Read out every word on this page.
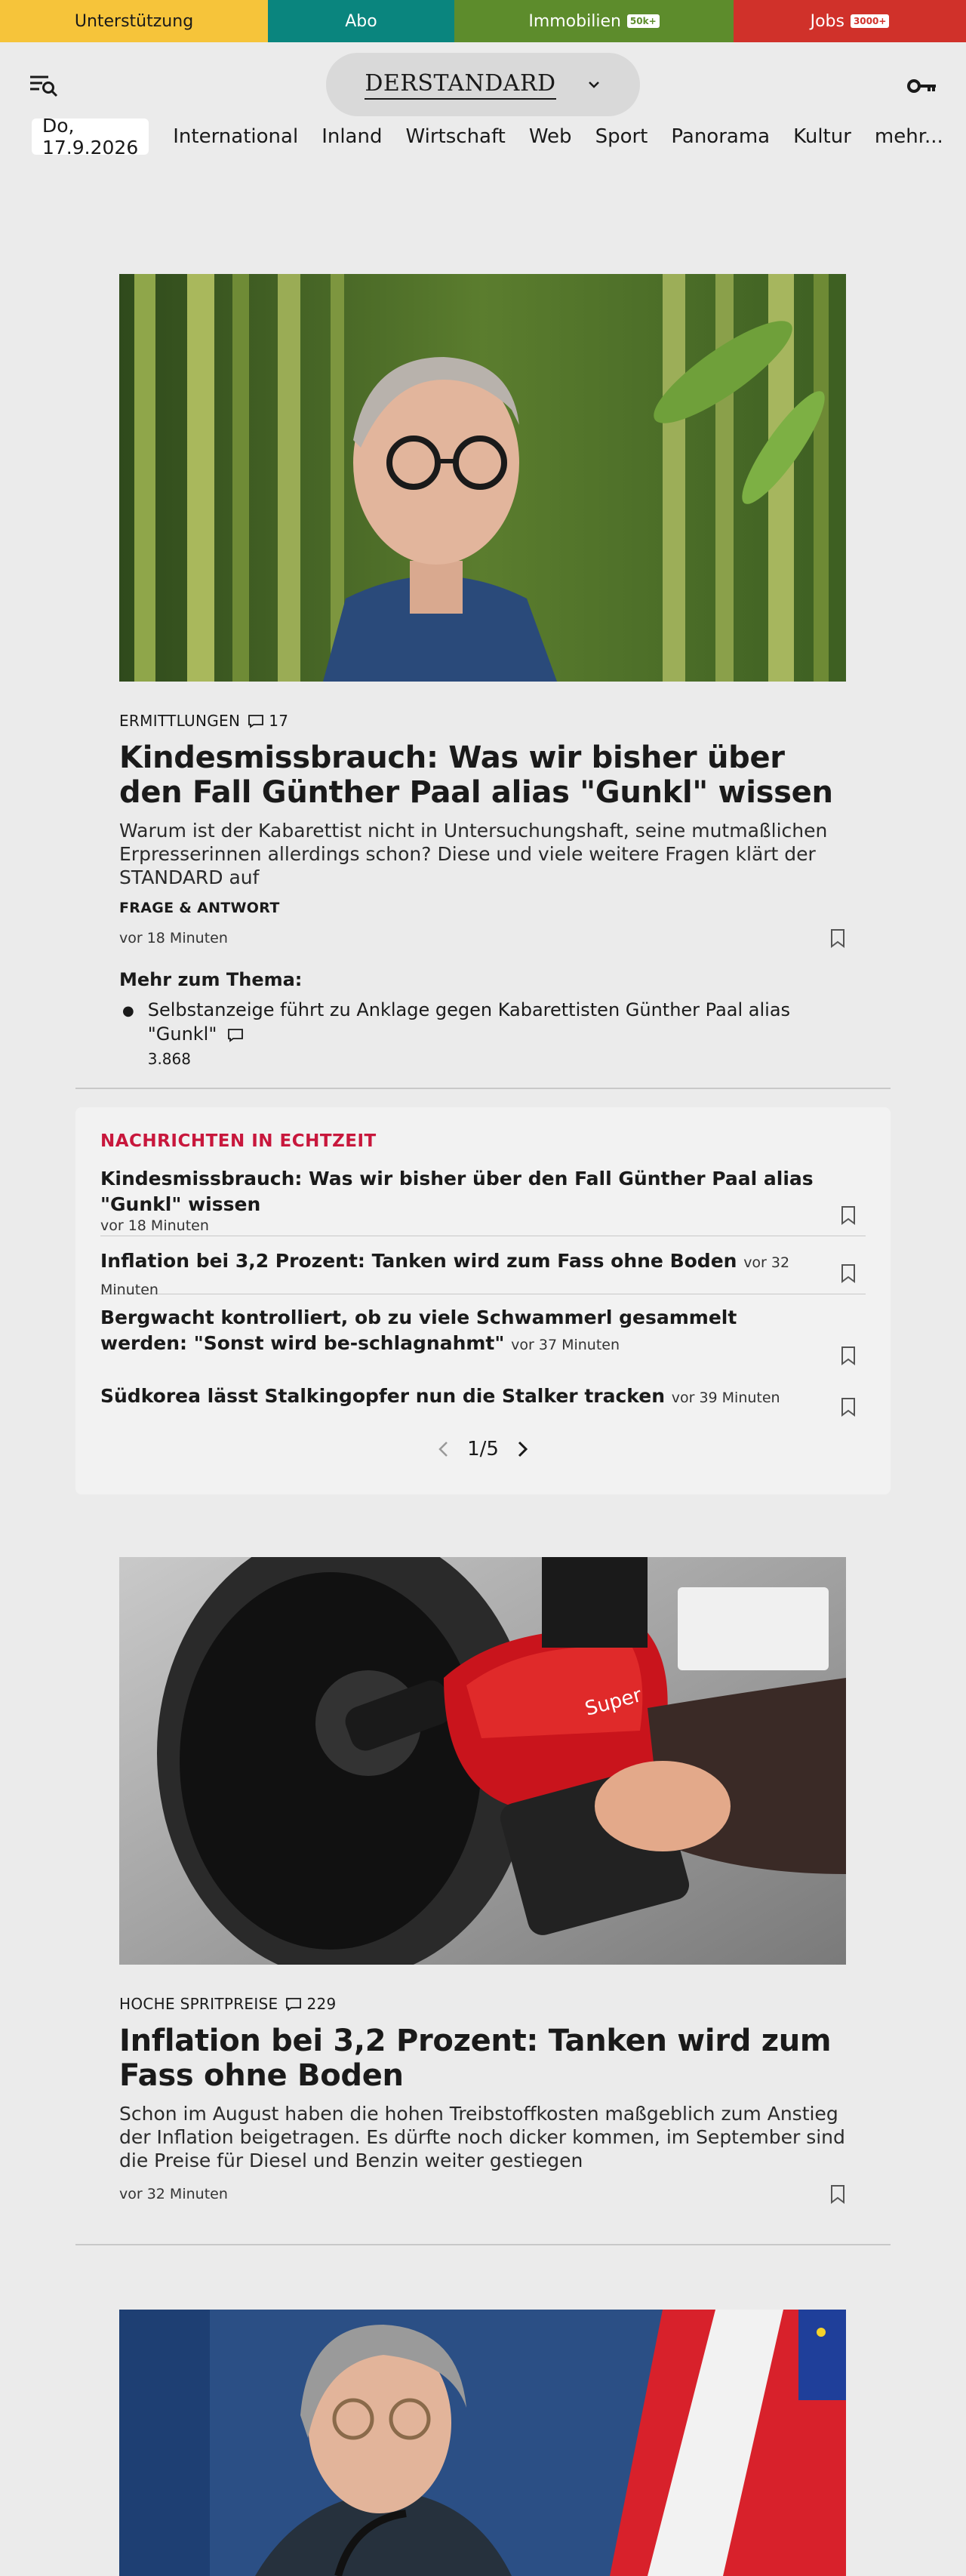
Unterstützung	Abo	Immobilien	50k+	Jobs	3000+
DERSTANDARD
Do, 17.9.2026	International Inland Wirtschaft Web Sport Panorama Kultur mehr...
ERMITTLUNGEN 17
Kindesmissbrauch: Was wir bisher über den Fall Günther Paal alias "Gunkl" wissen

Warum ist der Kabarettist nicht in Untersuchungshaft, seine mutmaßlichen Erpresserinnen allerdings schon? Diese und viele weitere Fragen klärt der STANDARD auf

FRAGE & ANTWORT
vor 18 Minuten
Mehr zum Thema:
● Selbstanzeige führt zu Anklage gegen Kabarettisten Günther Paal alias "Gunkl"
3.868
NACHRICHTEN IN ECHTZEIT
Kindesmissbrauch: Was wir bisher über den Fall Günther Paal alias "Gunkl" wissen
vor 18 Minuten
Inflation bei 3,2 Prozent: Tanken wird zum Fass ohne Boden vor 32 Minuten
Bergwacht kontrolliert, ob zu viele Schwammerl gesammelt werden: "Sonst wird be-schlagnahmt" vor 37 Minuten
Südkorea lässt Stalkingopfer nun die Stalker tracken vor 39 Minuten
1/5
Super
HOCHE SPRITPREISE 229
Inflation bei 3,2 Prozent: Tanken wird zum Fass ohne Boden

Schon im August haben die hohen Treibstoffkosten maßgeblich zum Anstieg der Inflation beigetragen. Es dürfte noch dicker kommen, im September sind die Preise für Diesel und Benzin weiter gestiegen

vor 32 Minuten
